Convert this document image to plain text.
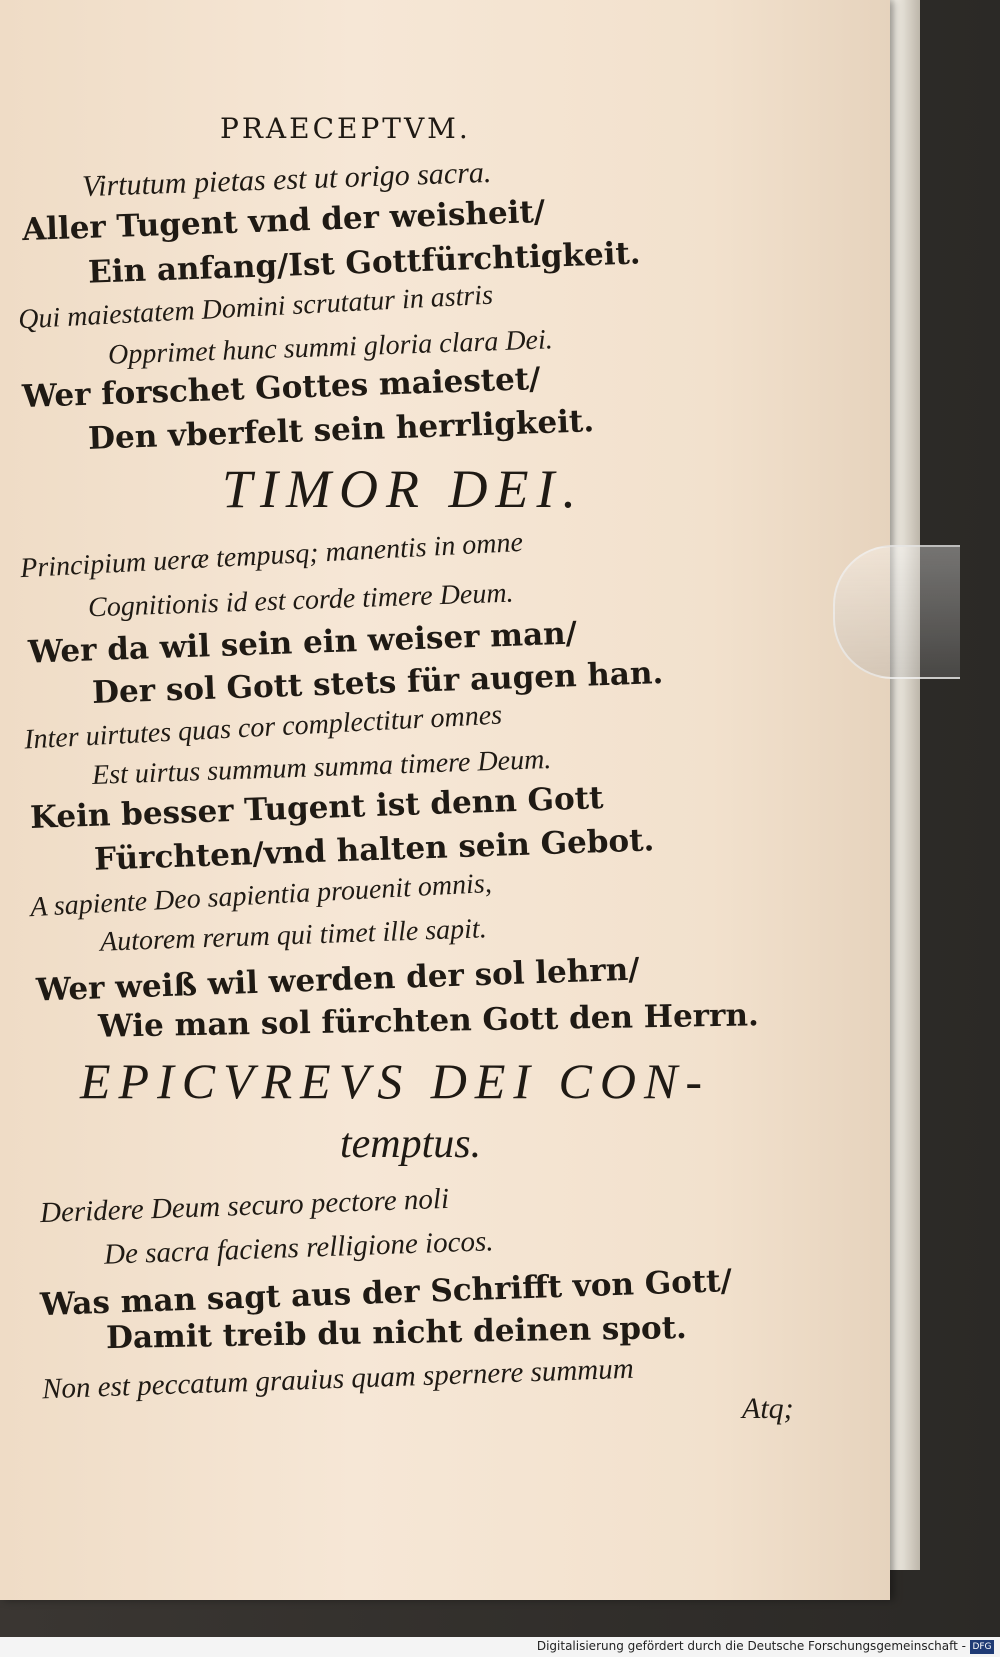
PRAECEPTVM.
Virtutum pietas est ut origo sacra.
Aller Tugent vnd der weisheit/
Ein anfang/Ist Gottfürchtigkeit.
Qui maiestatem Domini scrutatur in astris
Opprimet hunc summi gloria clara Dei.
Wer forschet Gottes maiestet/
Den vberfelt sein herrligkeit.
TIMOR DEI.
Principium ueræ tempusq; manentis in omne
Cognitionis id est corde timere Deum.
Wer da wil sein ein weiser man/
Der sol Gott stets für augen han.
Inter uirtutes quas cor complectitur omnes
Est uirtus summum summa timere Deum.
Kein besser Tugent ist denn Gott
Fürchten/vnd halten sein Gebot.
A sapiente Deo sapientia prouenit omnis,
Autorem rerum qui timet ille sapit.
Wer weiß wil werden der sol lehrn/
Wie man sol fürchten Gott den Herrn.
EPICVREVS DEI CON-
temptus.
Deridere Deum securo pectore noli
De sacra faciens relligione iocos.
Was man sagt aus der Schrifft von Gott/
Damit treib du nicht deinen spot.
Non est peccatum grauius quam spernere summum
Atq;
Digitalisierung gefördert durch die Deutsche Forschungsgemeinschaft - DFG
